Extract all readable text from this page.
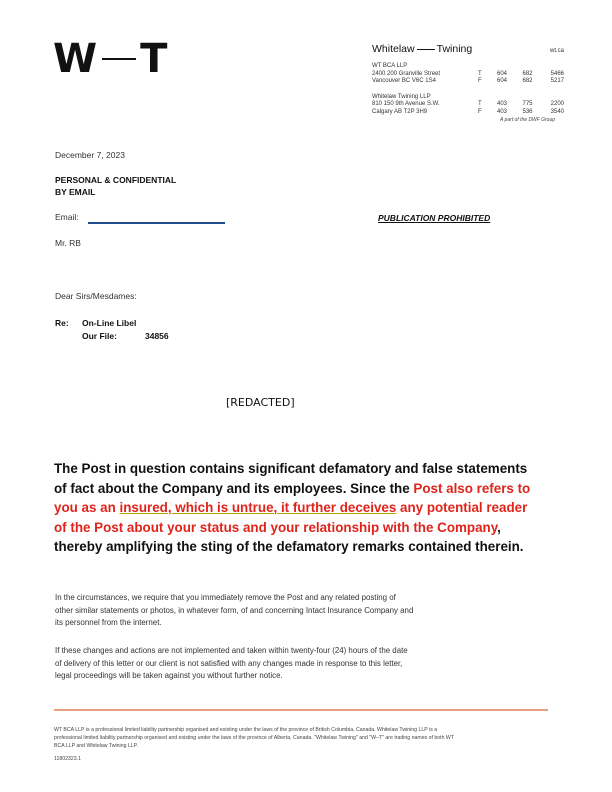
W T	Whitelaw Twining	wt.ca
WT BCA LLP
2400 200 Granville Street	T	604	682	5466
Vancouver BC V6C 1S4	F	604	682	5217
Whitelaw Twining LLP
810 150 9th Avenue S.W.	T	403	775	2200
Calgary AB T2P 3H9	F	403	536	3540
A part of the DWF Group
December 7, 2023
PERSONAL & CONFIDENTIAL
BY EMAIL
Email:	PUBLICATION PROHIBITED
Mr. RB
Dear Sirs/Mesdames:
Re: On-Line Libel
Our File:	34856
[REDACTED]
The Post in question contains significant defamatory and false statements
of fact about the Company and its employees. Since the Post also refers to
you as an insured, which is untrue, it further deceives any potential reader
of the Post about your status and your relationship with the Company,
thereby amplifying the sting of the defamatory remarks contained therein.
In the circumstances, we require that you immediately remove the Post and any related posting of
other similar statements or photos, in whatever form, of and concerning Intact Insurance Company and
its personnel from the internet.
If these changes and actions are not implemented and taken within twenty-four (24) hours of the date
of delivery of this letter or our client is not satisfied with any changes made in response to this letter,
legal proceedings will be taken against you without further notice.
WT BCA LLP is a professional limited liability partnership organised and existing under the laws of the province of British Columbia, Canada. Whitelaw Twining LLP is a
professional limited liability partnership organised and existing under the laws of the province of Alberta, Canada. "Whitelaw Twining" and "W–T" are trading names of both WT
BCA LLP and Whitelaw Twining LLP.
11802323.1
